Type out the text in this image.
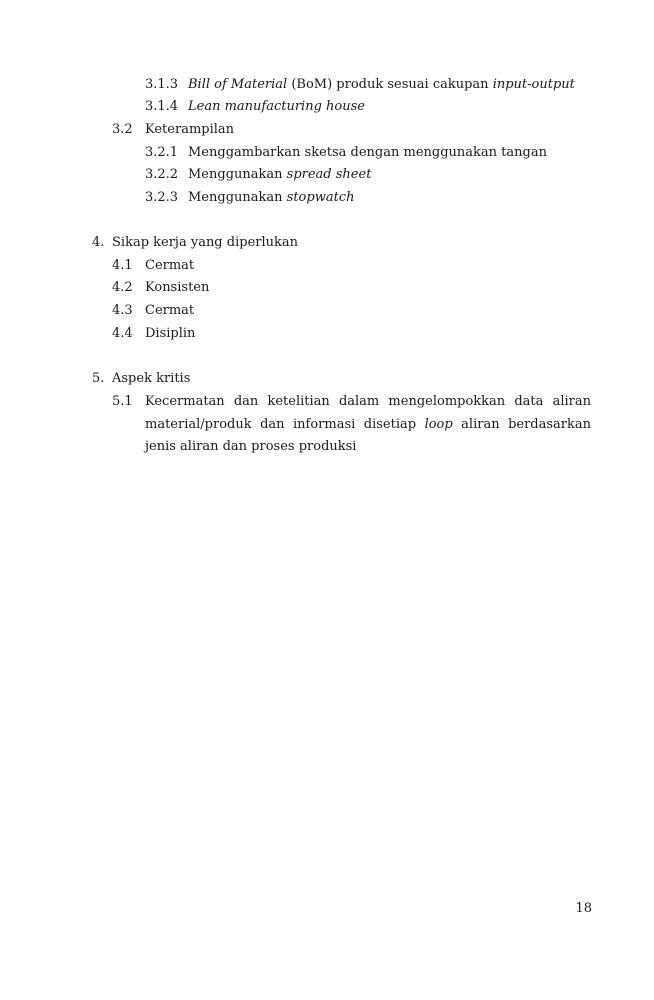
3.1.3 Bill of Material (BoM) produk sesuai cakupan input-output
3.1.4 Lean manufacturing house
3.2 Keterampilan
3.2.1 Menggambarkan sketsa dengan menggunakan tangan
3.2.2 Menggunakan spread sheet
3.2.3 Menggunakan stopwatch
4. Sikap kerja yang diperlukan
4.1 Cermat
4.2 Konsisten
4.3 Cermat
4.4 Disiplin
5. Aspek kritis
5.1 Kecermatan dan ketelitian dalam mengelompokkan data aliran material/produk dan informasi disetiap loop aliran berdasarkan jenis aliran dan proses produksi
18
